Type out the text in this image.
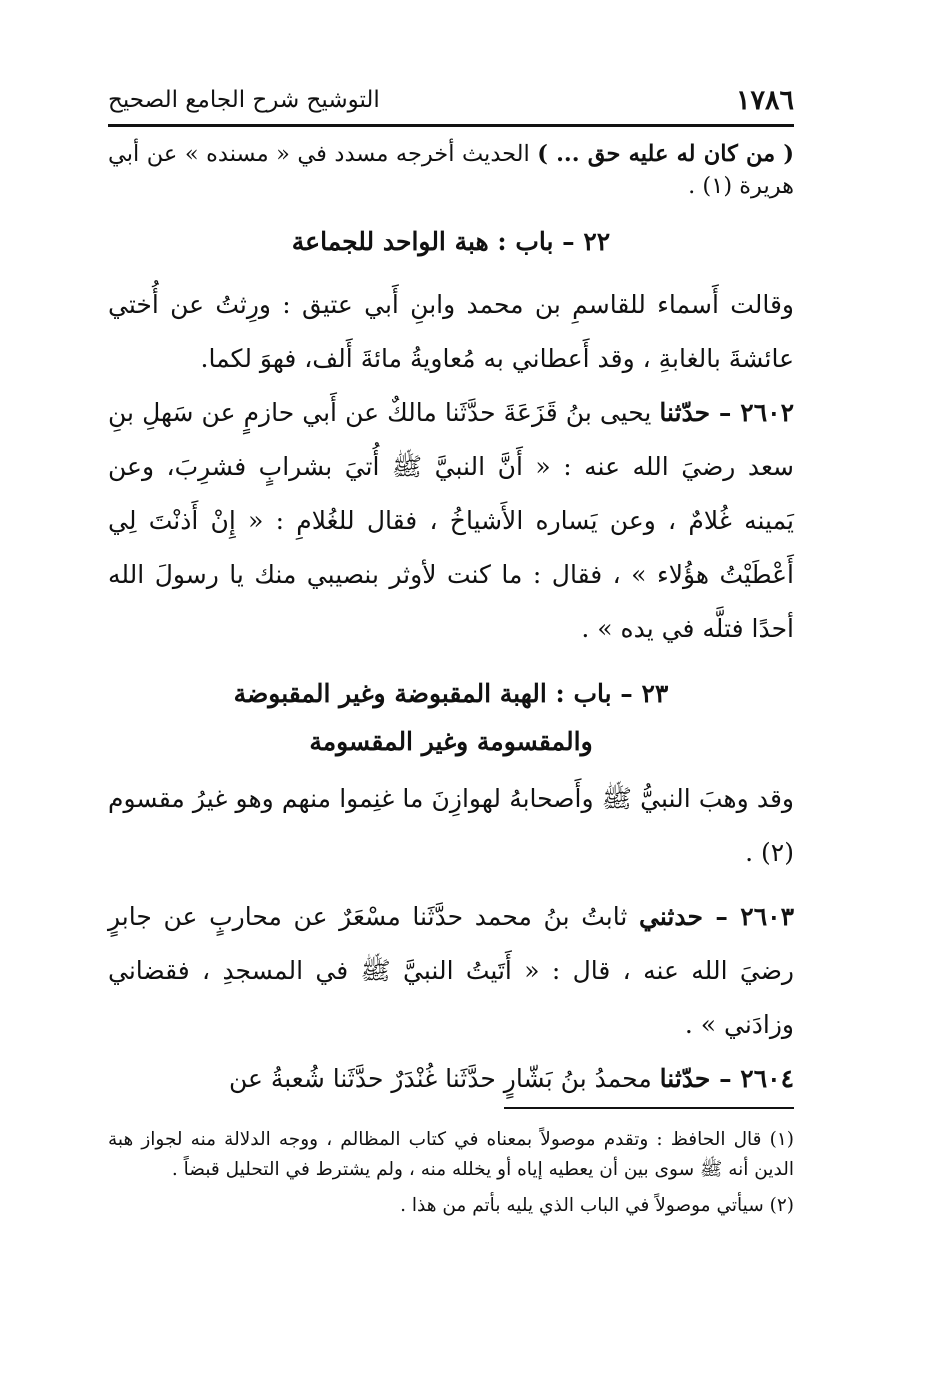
١٧٨٦
التوشيح شرح الجامع الصحيح

( من كان له عليه حق ... ) الحديث أخرجه مسدد في « مسنده » عن أبي هريرة (١) .

٢٢ – باب : هبة الواحد للجماعة

وقالت أَسماء للقاسمِ بن محمد وابنِ أَبي عتيق : ورِثتُ عن أُختي عائشةَ بالغابةِ ، وقد أَعطاني به مُعاويةُ مائةَ أَلف، فهوَ لكما.

٢٦٠٢ – حدّثنا يحيى بنُ قَزَعَةَ حدَّثَنا مالكٌ عن أَبي حازمٍ عن سَهلِ بنِ سعد رضيَ الله عنه : « أَنَّ النبيَّ ﷺ أُتيَ بشرابٍ فشرِبَ، وعن يَمينه غُلامٌ ، وعن يَساره الأَشياخُ ، فقال للغُلامِ : « إِنْ أَذنْتَ لِي أَعْطَيْتُ هؤُلاء » ، فقال : ما كنت لأوثر بنصيبي منك يا رسولَ الله أحدًا فتلَّه في يده » .

٢٣ – باب : الهبة المقبوضة وغير المقبوضة

والمقسومة وغير المقسومة

وقد وهبَ النبيُّ ﷺ وأَصحابهُ لهوازِنَ ما غنِموا منهم وهو غيرُ مقسوم (٢) .

٢٦٠٣ – حدثني ثابتُ بنُ محمد حدَّثَنا مسْعَرٌ عن محاربٍ عن جابرٍ رضيَ الله عنه ، قال : « أَتَيتُ النبيَّ ﷺ في المسجدِ ، فقضاني وزادَني » .

٢٦٠٤ – حدّثنا محمدُ بنُ بَشّارٍ حدَّثَنا غُنْدَرٌ حدَّثَنا شُعبةُ عن

(١) قال الحافظ : وتقدم موصولاً بمعناه في كتاب المظالم ، ووجه الدلالة منه لجواز هبة الدين أنه ﷺ سوى بين أن يعطيه إياه أو يخلله منه ، ولم يشترط في التحليل قبضاً .

(٢) سيأتي موصولاً في الباب الذي يليه بأتم من هذا .
